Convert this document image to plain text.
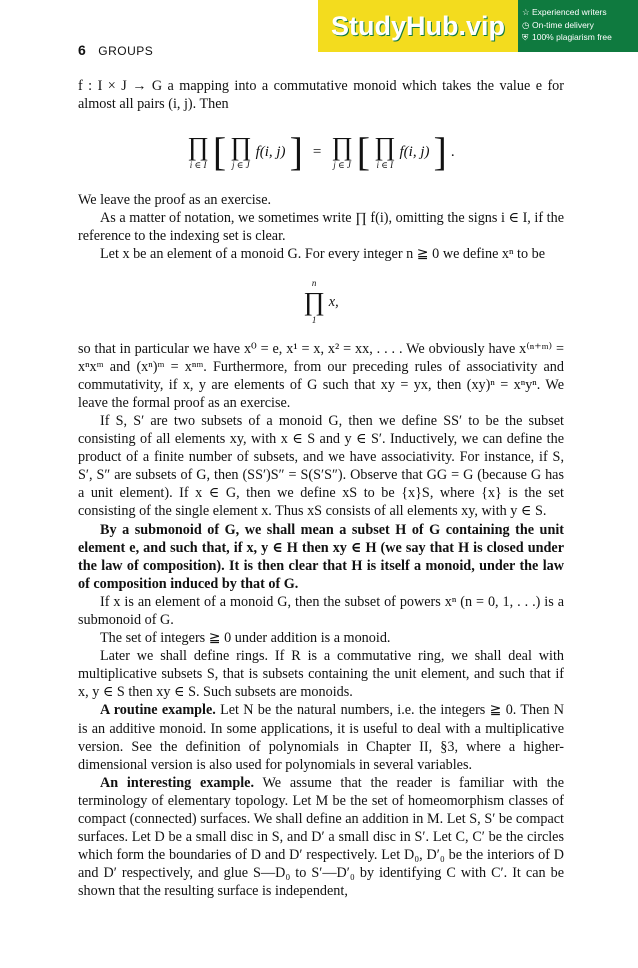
StudyHub.vip	☆ Experienced writers
◷ On-time delivery
⛨ 100% plagiarism free
6 GROUPS

f : I × J → G a mapping into a commutative monoid which takes the value e for almost all pairs (i, j). Then

∏
i ∈ I [ ∏
j ∈ J
f(i, j) ] = ∏
j ∈ J [ ∏
i ∈ I
f(i, j) ] .

We leave the proof as an exercise.

As a matter of notation, we sometimes write ∏ f(i), omitting the signs i ∈ I, if the reference to the indexing set is clear.

Let x be an element of a monoid G. For every integer n ≧ 0 we define xⁿ to be

n
∏
1
x,

so that in particular we have x⁰ = e, x¹ = x, x² = xx, . . . . We obviously have x⁽ⁿ⁺ᵐ⁾ = xⁿxᵐ and (xⁿ)ᵐ = xⁿᵐ. Furthermore, from our preceding rules of associativity and commutativity, if x, y are elements of G such that xy = yx, then (xy)ⁿ = xⁿyⁿ. We leave the formal proof as an exercise.

If S, S′ are two subsets of a monoid G, then we define SS′ to be the subset consisting of all elements xy, with x ∈ S and y ∈ S′. Inductively, we can define the product of a finite number of subsets, and we have associativity. For instance, if S, S′, S″ are subsets of G, then (SS′)S″ = S(S′S″). Observe that GG = G (because G has a unit element). If x ∈ G, then we define xS to be {x}S, where {x} is the set consisting of the single element x. Thus xS consists of all elements xy, with y ∈ S.

By a submonoid of G, we shall mean a subset H of G containing the unit element e, and such that, if x, y ∈ H then xy ∈ H (we say that H is closed under the law of composition). It is then clear that H is itself a monoid, under the law of composition induced by that of G.

If x is an element of a monoid G, then the subset of powers xⁿ (n = 0, 1, . . .) is a submonoid of G.

The set of integers ≧ 0 under addition is a monoid.

Later we shall define rings. If R is a commutative ring, we shall deal with multiplicative subsets S, that is subsets containing the unit element, and such that if x, y ∈ S then xy ∈ S. Such subsets are monoids.

A routine example. Let N be the natural numbers, i.e. the integers ≧ 0. Then N is an additive monoid. In some applications, it is useful to deal with a multiplicative version. See the definition of polynomials in Chapter II, §3, where a higher-dimensional version is also used for polynomials in several variables.

An interesting example. We assume that the reader is familiar with the terminology of elementary topology. Let M be the set of homeomorphism classes of compact (connected) surfaces. We shall define an addition in M. Let S, S′ be compact surfaces. Let D be a small disc in S, and D′ a small disc in S′. Let C, C′ be the circles which form the boundaries of D and D′ respectively. Let D₀, D′₀ be the interiors of D and D′ respectively, and glue S—D₀ to S′—D′₀ by identifying C with C′. It can be shown that the resulting surface is independent,
